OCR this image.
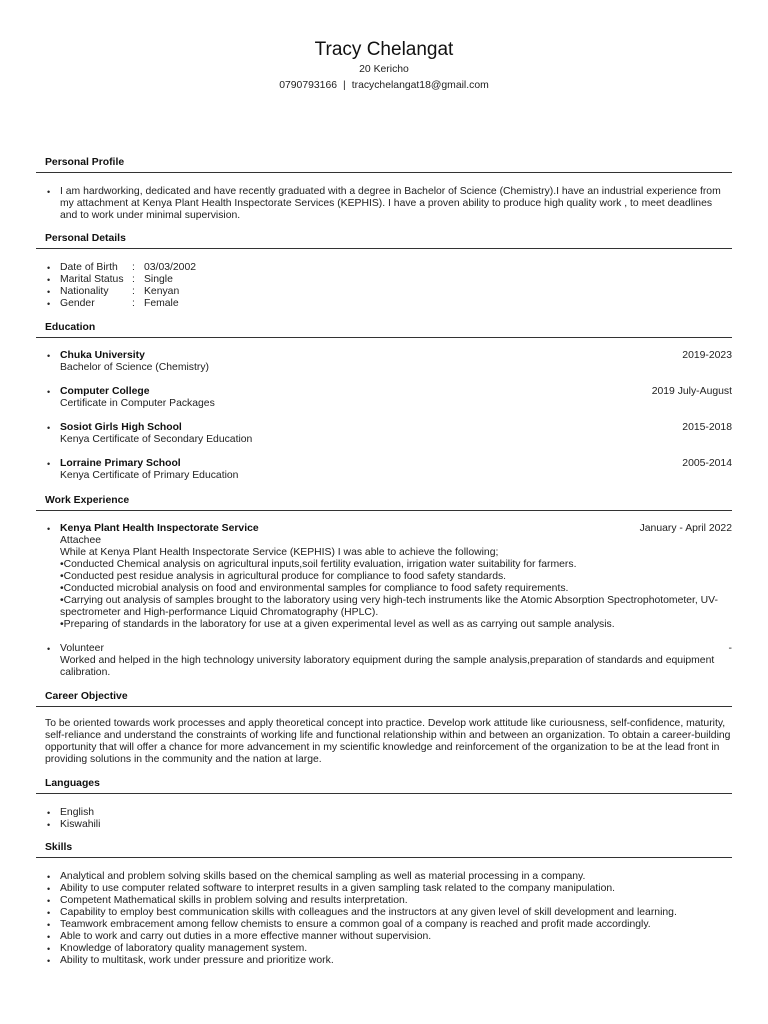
Tracy Chelangat
20 Kericho
0790793166 | tracychelangat18@gmail.com
Personal Profile
• I am hardworking, dedicated and have recently graduated with a degree in Bachelor of Science (Chemistry).I have an industrial experience from my attachment at Kenya Plant Health Inspectorate Services (KEPHIS). I have a proven ability to produce high quality work , to meet deadlines and to work under minimal supervision.
Personal Details
• Date of Birth	: 03/03/2002
• Marital Status : Single
• Nationality	: Kenyan
• Gender	: Female
Education
• Chuka University	2019-2023
Bachelor of Science (Chemistry)
• Computer College	2019 July-August
Certificate in Computer Packages
• Sosiot Girls High School	2015-2018
Kenya Certificate of Secondary Education
• Lorraine Primary School	2005-2014
Kenya Certificate of Primary Education
Work Experience
• Kenya Plant Health Inspectorate Service	January - April 2022
Attachee
While at Kenya Plant Health Inspectorate Service (KEPHIS) I was able to achieve the following;
•Conducted Chemical analysis on agricultural inputs,soil fertility evaluation, irrigation water suitability for farmers.
•Conducted pest residue analysis in agricultural produce for compliance to food safety standards.
•Conducted microbial analysis on food and environmental samples for compliance to food safety requirements.
•Carrying out analysis of samples brought to the laboratory using very high-tech instruments like the Atomic Absorption Spectrophotometer, UV-spectrometer and High-performance Liquid Chromatography (HPLC).
•Preparing of standards in the laboratory for use at a given experimental level as well as as carrying out sample analysis.
• Volunteer	-
Worked and helped in the high technology university laboratory equipment during the sample analysis,preparation of standards and equipment calibration.
Career Objective
To be oriented towards work processes and apply theoretical concept into practice. Develop work attitude like curiousness, self-confidence, maturity, self-reliance and understand the constraints of working life and functional relationship within and between an organization. To obtain a career-building opportunity that will offer a chance for more advancement in my scientific knowledge and reinforcement of the organization to be at the lead front in providing solutions in the community and the nation at large.
Languages
• English
• Kiswahili
Skills
• Analytical and problem solving skills based on the chemical sampling as well as material processing in a company.
• Ability to use computer related software to interpret results in a given sampling task related to the company manipulation.
• Competent Mathematical skills in problem solving and results interpretation.
• Capability to employ best communication skills with colleagues and the instructors at any given level of skill development and learning.
• Teamwork embracement among fellow chemists to ensure a common goal of a company is reached and profit made accordingly.
• Able to work and carry out duties in a more effective manner without supervision.
• Knowledge of laboratory quality management system.
• Ability to multitask, work under pressure and prioritize work.
